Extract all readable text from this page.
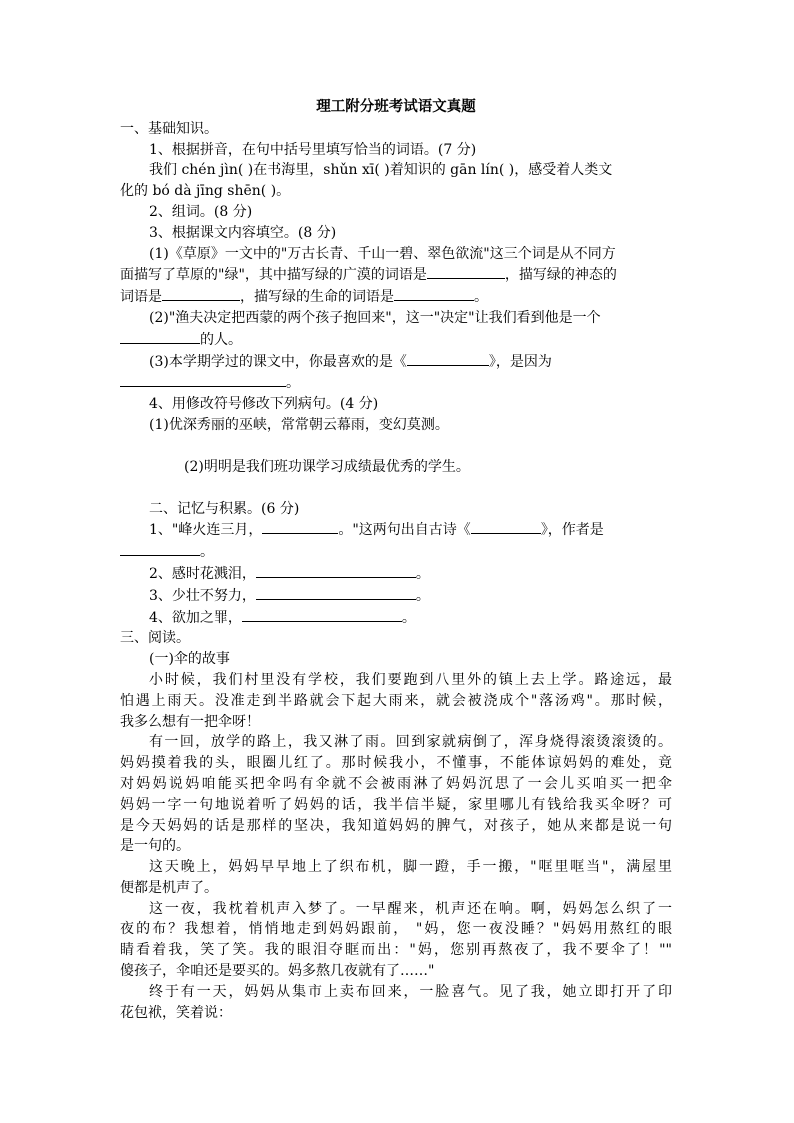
理工附分班考试语文真题

一、基础知识。

1、根据拼音，在句中括号里填写恰当的词语。(7 分)

我们 chén jìn( )在书海里，shǔn xī( )着知识的 gān lín( )，感受着人类文

化的 bó dà jīng shēn( )。

2、组词。(8 分)

3、根据课文内容填空。(8 分)

(1)《草原》一文中的"万古长青、千山一碧、翠色欲流"这三个词是从不同方

面描写了草原的"绿"，其中描写绿的广漠的词语是	，描写绿的神态的

词语是	，描写绿的生命的词语是	。

(2)"渔夫决定把西蒙的两个孩子抱回来"，这一"决定"让我们看到他是一个

的人。

(3)本学期学过的课文中，你最喜欢的是《	》，是因为

。

4、用修改符号修改下列病句。(4 分)

(1)优深秀丽的巫峡，常常朝云幕雨，变幻莫测。

(2)明明是我们班功课学习成绩最优秀的学生。

二、记忆与积累。(6 分)

1、"峰火连三月，	。"这两句出自古诗《	》，作者是

。

2、感时花溅泪，	。

3、少壮不努力，	。

4、欲加之罪，	。

三、阅读。

(一)伞的故事

小时候，我们村里没有学校，我们要跑到八里外的镇上去上学。路途远，最

怕遇上雨天。没准走到半路就会下起大雨来，就会被浇成个"落汤鸡"。那时候，

我多么想有一把伞呀！

有一回，放学的路上，我又淋了雨。回到家就病倒了，浑身烧得滚烫滚烫的。

妈妈摸着我的头，眼圈儿红了。那时候我小，不懂事，不能体谅妈妈的难处，竟

对妈妈说妈咱能买把伞吗有伞就不会被雨淋了妈妈沉思了一会儿买咱买一把伞

妈妈一字一句地说着听了妈妈的话，我半信半疑，家里哪儿有钱给我买伞呀？可

是今天妈妈的话是那样的坚决，我知道妈妈的脾气，对孩子，她从来都是说一句

是一句的。

这天晚上，妈妈早早地上了织布机，脚一蹬，手一搬，"哐里哐当"，满屋里

便都是机声了。

这一夜，我枕着机声入梦了。一早醒来，机声还在响。啊，妈妈怎么织了一

夜的布？我想着，悄悄地走到妈妈跟前， "妈，您一夜没睡？"妈妈用熬红的眼

睛看着我，笑了笑。我的眼泪夺眶而出："妈，您别再熬夜了，我不要伞了！""

傻孩子，伞咱还是要买的。妈多熬几夜就有了……"

终于有一天，妈妈从集市上卖布回来，一脸喜气。见了我，她立即打开了印

花包袱，笑着说：
